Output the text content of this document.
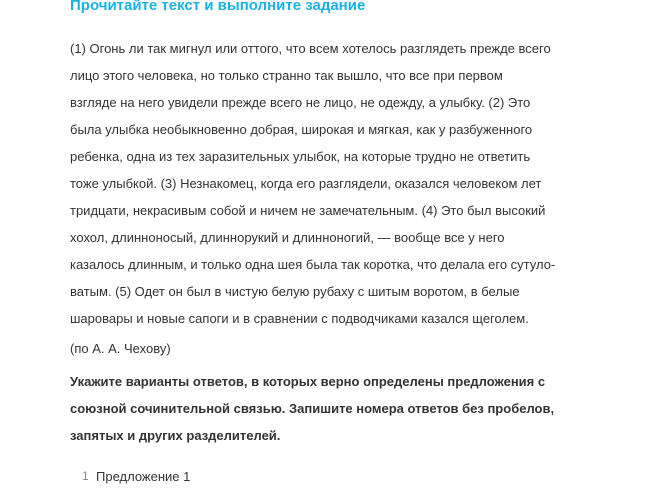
Прочитайте текст и выполните задание
(1) Огонь ли так мигнул или оттого, что всем хотелось разглядеть прежде всего
лицо этого человека, но только странно так вышло, что все при первом
взгляде на него увидели прежде всего не лицо, не одежду, а улыбку. (2) Это
была улыбка необыкновенно добрая, широкая и мягкая, как у разбуженного
ребенка, одна из тех заразительных улыбок, на которые трудно не ответить
тоже улыбкой. (3) Незнакомец, когда его разглядели, оказался человеком лет
тридцати, некрасивым собой и ничем не замечательным. (4) Это был высокий
хохол, длинноносый, длиннорукий и длинноногий, — вообще все у него
казалось длинным, и только одна шея была так коротка, что делала его сутуло-
ватым. (5) Одет он был в чистую белую рубаху с шитым воротом, в белые
шаровары и новые сапоги и в сравнении с подводчиками казался щеголем.
(по А. А. Чехову)
Укажите варианты ответов, в которых верно определены предложения с
союзной сочинительной связью. Запишите номера ответов без пробелов,
запятых и других разделителей.
1 Предложение 1
